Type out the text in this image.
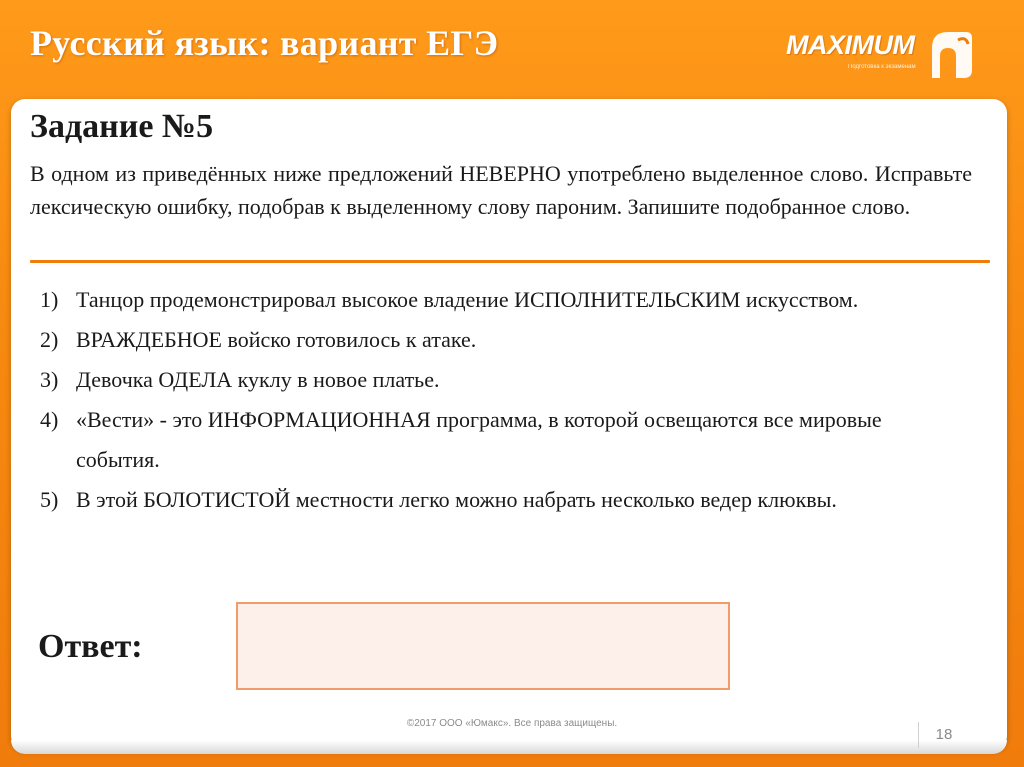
Русский язык: вариант ЕГЭ	MAXIMUM
Подготовка к экзаменам
Задание №5
В одном из приведённых ниже предложений НЕВЕРНО употреблено выделенное слово. Исправьте лексическую ошибку, подобрав к выделенному слову пароним. Запишите подобранное слово.
1) Танцор продемонстрировал высокое владение ИСПОЛНИТЕЛЬСКИМ искусством.
2) ВРАЖДЕБНОЕ войско готовилось к атаке.
3) Девочка ОДЕЛА куклу в новое платье.
4) «Вести» - это ИНФОРМАЦИОННАЯ программа, в которой освещаются все мировые события.
5) В этой БОЛОТИСТОЙ местности легко можно набрать несколько ведер клюквы.
Ответ:
©2017 ООО «Юмакс». Все права защищены.
18
